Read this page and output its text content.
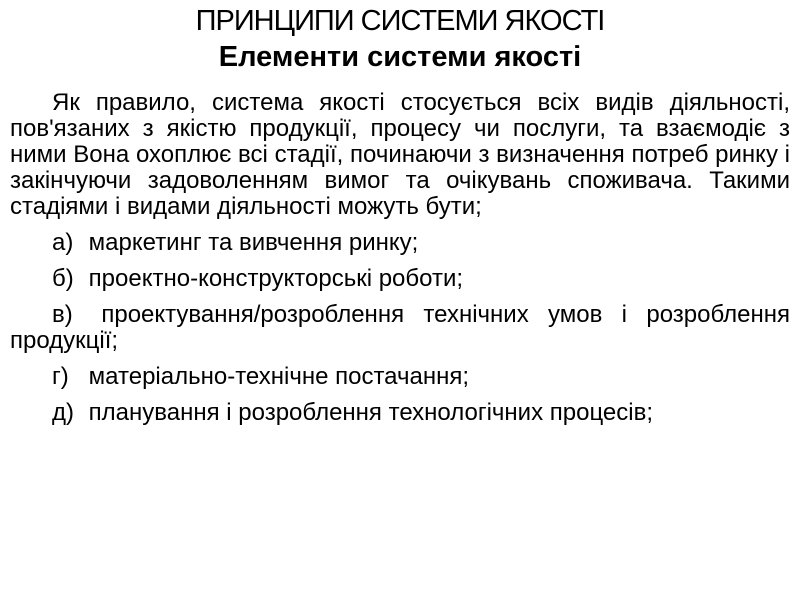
ПРИНЦИПИ СИСТЕМИ ЯКОСТІ
Елементи системи якості

Як правило, система якості стосується всіх видів діяльності, пов'язаних з якістю продукції, процесу чи послуги, та взаємодіє з ними Вона охоплює всі стадії, починаючи з визначення потреб ринку і закінчуючи задоволенням вимог та очікувань споживача. Такими стадіями і видами діяльності можуть бути;

а) маркетинг та вивчення ринку;

б) проектно-конструкторські роботи;

в) проектування/розроблення технічних умов і розроблення продукції;

г) матеріально-технічне постачання;

д) планування і розроблення технологічних процесів;
